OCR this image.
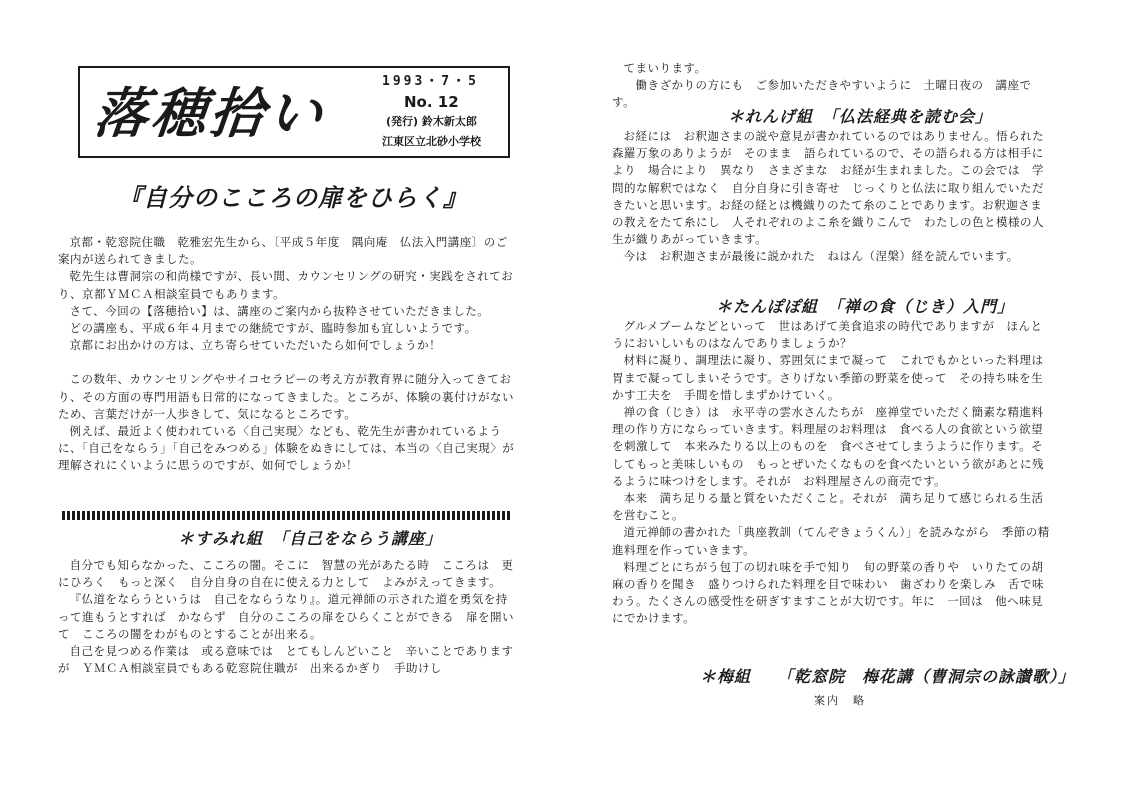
落穂拾い	1993・7・5
No. 12
(発行) 鈴木新太郎
江東区立北砂小学校
『自分のこころの扉をひらく』

京都・乾窓院住職　乾雅宏先生から、〔平成５年度　隅向庵　仏法入門講座〕のご案内が送られてきました。

乾先生は曹洞宗の和尚様ですが、長い間、カウンセリングの研究・実践をされており、京都ＹＭＣＡ相談室員でもあります。

さて、今回の【落穂拾い】は、講座のご案内から抜粋させていただきました。

どの講座も、平成６年４月までの継続ですが、臨時参加も宜しいようです。

京都にお出かけの方は、立ち寄らせていただいたら如何でしょうか！

この数年、カウンセリングやサイコセラピーの考え方が教育界に随分入ってきており、その方面の専門用語も日常的になってきました。ところが、体験の裏付けがないため、言葉だけが一人歩きして、気になるところです。

例えば、最近よく使われている〈自己実現〉なども、乾先生が書かれているように、「自己をならう」「自己をみつめる」体験をぬきにしては、本当の〈自己実現〉が理解されにくいように思うのですが、如何でしょうか！

＊すみれ組　「自己をならう講座」

自分でも知らなかった、こころの闇。そこに　智慧の光があたる時　こころは　更にひろく　もっと深く　自分自身の自在に使える力として　よみがえってきます。

『仏道をならうというは　自己をならうなり』。道元禅師の示された道を勇気を持って進もうとすれば　かならず　自分のこころの扉をひらくことができる　扉を開いて　こころの闇をわがものとすることが出来る。

自己を見つめる作業は　或る意味では　とてもしんどいこと　辛いことでありますが　ＹＭＣＡ相談室員でもある乾窓院住職が　出来るかぎり　手助けし

てまいります。

　働きざかりの方にも　ご参加いただきやすいように　土曜日夜の　講座です。

＊れんげ組　「仏法経典を読む会」

お経には　お釈迦さまの説や意見が書かれているのではありません。悟られた森羅万象のありようが　そのまま　語られているので、その語られる方は相手により　場合により　異なり　さまざまな　お経が生まれました。この会では　学問的な解釈ではなく　自分自身に引き寄せ　じっくりと仏法に取り組んでいただきたいと思います。お経の経とは機織りのたて糸のことであります。お釈迦さまの教えをたて糸にし　人それぞれのよこ糸を織りこんで　わたしの色と模様の人生が織りあがっていきます。

今は　お釈迦さまが最後に説かれた　ねはん（涅槃）経を読んでいます。

＊たんぽぽ組　「禅の食（じき）入門」

グルメブームなどといって　世はあげて美食追求の時代でありますが　ほんとうにおいしいものはなんでありましょうか？

材料に凝り、調理法に凝り、雰囲気にまで凝って　これでもかといった料理は　胃まで凝ってしまいそうです。さりげない季節の野菜を使って　その持ち味を生かす工夫を　手間を惜しまずかけていく。

禅の食（じき）は　永平寺の雲水さんたちが　座禅堂でいただく簡素な精進料理の作り方にならっていきます。料理屋のお料理は　食べる人の食欲という欲望を刺激して　本来みたりる以上のものを　食べさせてしまうように作ります。そしてもっと美味しいもの　もっとぜいたくなものを食べたいという欲があとに残るように味つけをします。それが　お料理屋さんの商売です。

本来　満ち足りる量と質をいただくこと。それが　満ち足りて感じられる生活を営むこと。

道元禅師の書かれた「典座教訓（てんぞきょうくん）」を読みながら　季節の精進料理を作っていきます。

料理ごとにちがう包丁の切れ味を手で知り　旬の野菜の香りや　いりたての胡麻の香りを聞き　盛りつけられた料理を目で味わい　歯ざわりを楽しみ　舌で味わう。たくさんの感受性を研ぎすますことが大切です。年に　一回は　他へ味見にでかけます。

＊梅組　　「乾窓院　梅花講（曹洞宗の詠讃歌）」
案内　略
